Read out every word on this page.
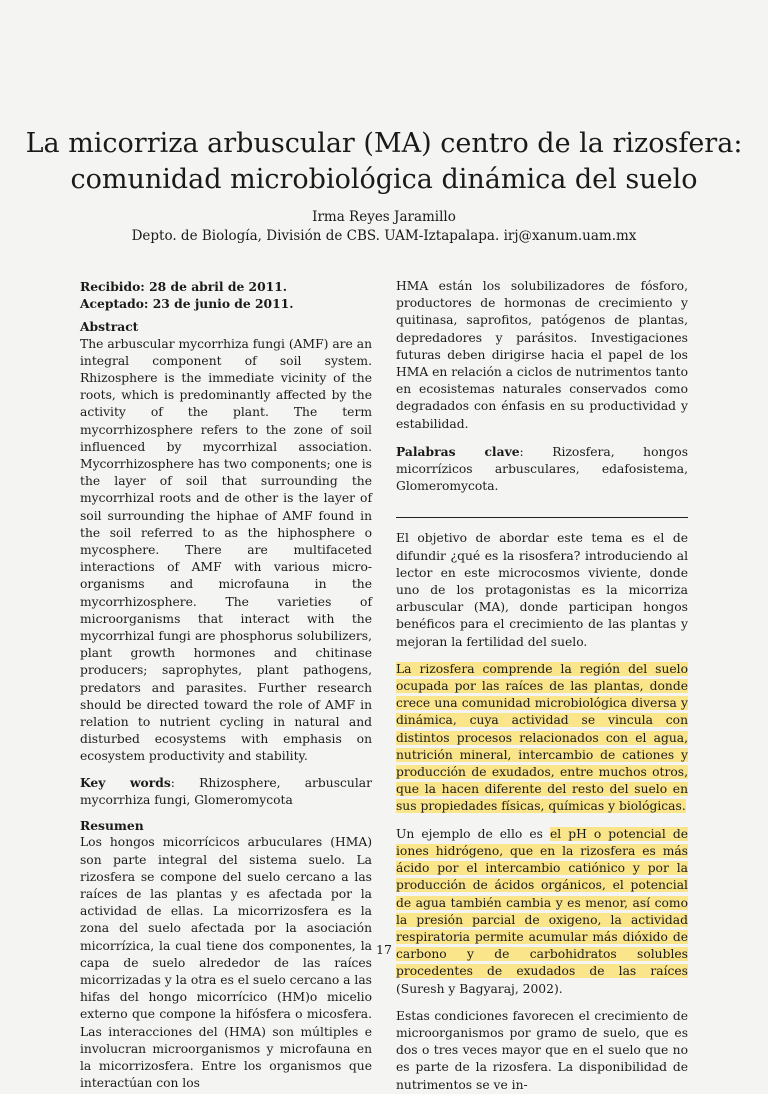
La micorriza arbuscular (MA) centro de la rizosfera:
comunidad microbiológica dinámica del suelo
Irma Reyes Jaramillo
Depto. de Biología, División de CBS. UAM-Iztapalapa. irj@xanum.uam.mx

Recibido: 28 de abril de 2011.

Aceptado: 23 de junio de 2011.

Abstract

The arbuscular mycorrhiza fungi (AMF) are an integral component of soil system. Rhizosphere is the immediate vicinity of the roots, which is predominantly affected by the activity of the plant. The term mycorrhizosphere refers to the zone of soil influenced by mycorrhizal association. Mycorrhizosphere has two components; one is the layer of soil that surrounding the mycorrhizal roots and de other is the layer of soil surrounding the hiphae of AMF found in the soil referred to as the hiphosphere o mycosphere. There are multifaceted interactions of AMF with various micro-organisms and microfauna in the mycorrhizosphere. The varieties of microorganisms that interact with the mycorrhizal fungi are phosphorus solubilizers, plant growth hormones and chitinase producers; saprophytes, plant pathogens, predators and parasites. Further research should be directed toward the role of AMF in relation to nutrient cycling in natural and disturbed ecosystems with emphasis on ecosystem productivity and stability.

Key words: Rhizosphere, arbuscular mycorrhiza fungi, Glomeromycota

Resumen

Los hongos micorrícicos arbuculares (HMA) son parte integral del sistema suelo. La rizosfera se compone del suelo cercano a las raíces de las plantas y es afectada por la actividad de ellas. La micorrizosfera es la zona del suelo afectada por la asociación micorrízica, la cual tiene dos componentes, la capa de suelo alrededor de las raíces micorrizadas y la otra es el suelo cercano a las hifas del hongo micorrícico (HM)o micelio externo que compone la hifósfera o micosfera. Las interacciones del (HMA) son múltiples e involucran microorganismos y microfauna en la micorrizosfera. Entre los organismos que interactúan con los

HMA están los solubilizadores de fósforo, productores de hormonas de crecimiento y quitinasa, saprofitos, patógenos de plantas, depredadores y parásitos. Investigaciones futuras deben dirigirse hacia el papel de los HMA en relación a ciclos de nutrimentos tanto en ecosistemas naturales conservados como degradados con énfasis en su productividad y estabilidad.

Palabras clave: Rizosfera, hongos micorrízicos arbusculares, edafosistema, Glomeromycota.

El objetivo de abordar este tema es el de difundir ¿qué es la risosfera? introduciendo al lector en este microcosmos viviente, donde uno de los protagonistas es la micorriza arbuscular (MA), donde participan hongos benéficos para el crecimiento de las plantas y mejoran la fertilidad del suelo.

La rizosfera comprende la región del suelo ocupada por las raíces de las plantas, donde crece una comunidad microbiológica diversa y dinámica, cuya actividad se vincula con distintos procesos relacionados con el agua, nutrición mineral, intercambio de cationes y producción de exudados, entre muchos otros, que la hacen diferente del resto del suelo en sus propiedades físicas, químicas y biológicas.

Un ejemplo de ello es el pH o potencial de iones hidrógeno, que en la rizosfera es más ácido por el intercambio catiónico y por la producción de ácidos orgánicos, el potencial de agua también cambia y es menor, así como la presión parcial de oxigeno, la actividad respiratoria permite acumular más dióxido de carbono y de carbohidratos solubles procedentes de exudados de las raíces (Suresh y Bagyaraj, 2002).

Estas condiciones favorecen el crecimiento de microorganismos por gramo de suelo, que es dos o tres veces mayor que en el suelo que no es parte de la rizosfera. La disponibilidad de nutrimentos se ve in-

17
